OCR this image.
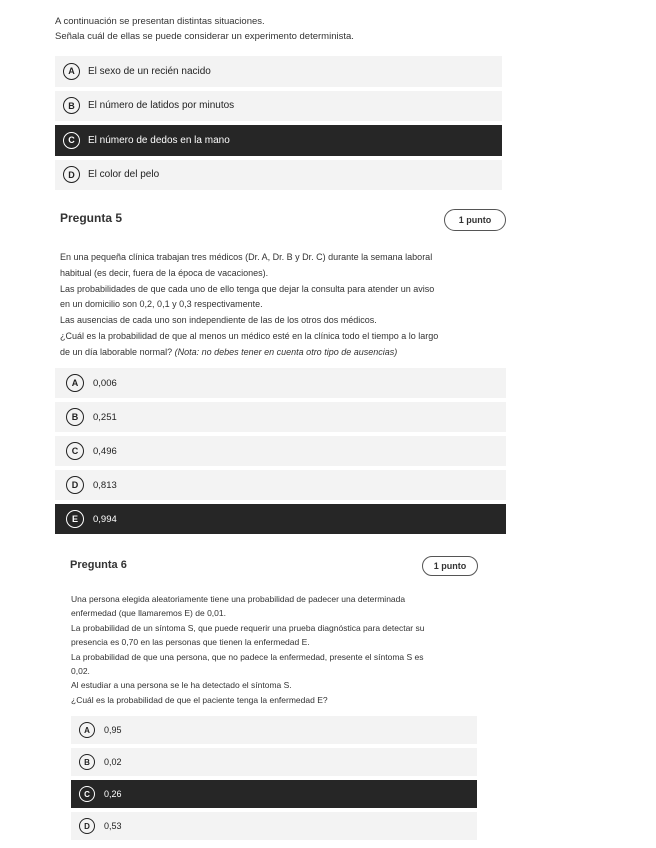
A continuación se presentan distintas situaciones.
Señala cuál de ellas se puede considerar un experimento determinista.
A	El sexo de un recién nacido
B	El número de latidos por minutos
C	El número de dedos en la mano
D	El color del pelo
Pregunta 5	1 punto
En una pequeña clínica trabajan tres médicos (Dr. A, Dr. B y Dr. C) durante la semana laboral
habitual (es decir, fuera de la época de vacaciones).
Las probabilidades de que cada uno de ello tenga que dejar la consulta para atender un aviso
en un domicilio son 0,2, 0,1 y 0,3 respectivamente.
Las ausencias de cada uno son independiente de las de los otros dos médicos.
¿Cuál es la probabilidad de que al menos un médico esté en la clínica todo el tiempo a lo largo
de un día laborable normal? (Nota: no debes tener en cuenta otro tipo de ausencias)
A	0,006
B	0,251
C	0,496
D	0,813
E	0,994
Pregunta 6	1 punto
Una persona elegida aleatoriamente tiene una probabilidad de padecer una determinada
enfermedad (que llamaremos E) de 0,01.
La probabilidad de un síntoma S, que puede requerir una prueba diagnóstica para detectar su
presencia es 0,70 en las personas que tienen la enfermedad E.
La probabilidad de que una persona, que no padece la enfermedad, presente el síntoma S es
0,02.
Al estudiar a una persona se le ha detectado el síntoma S.
¿Cuál es la probabilidad de que el paciente tenga la enfermedad E?
A	0,95
B	0,02
C	0,26
D	0,53
